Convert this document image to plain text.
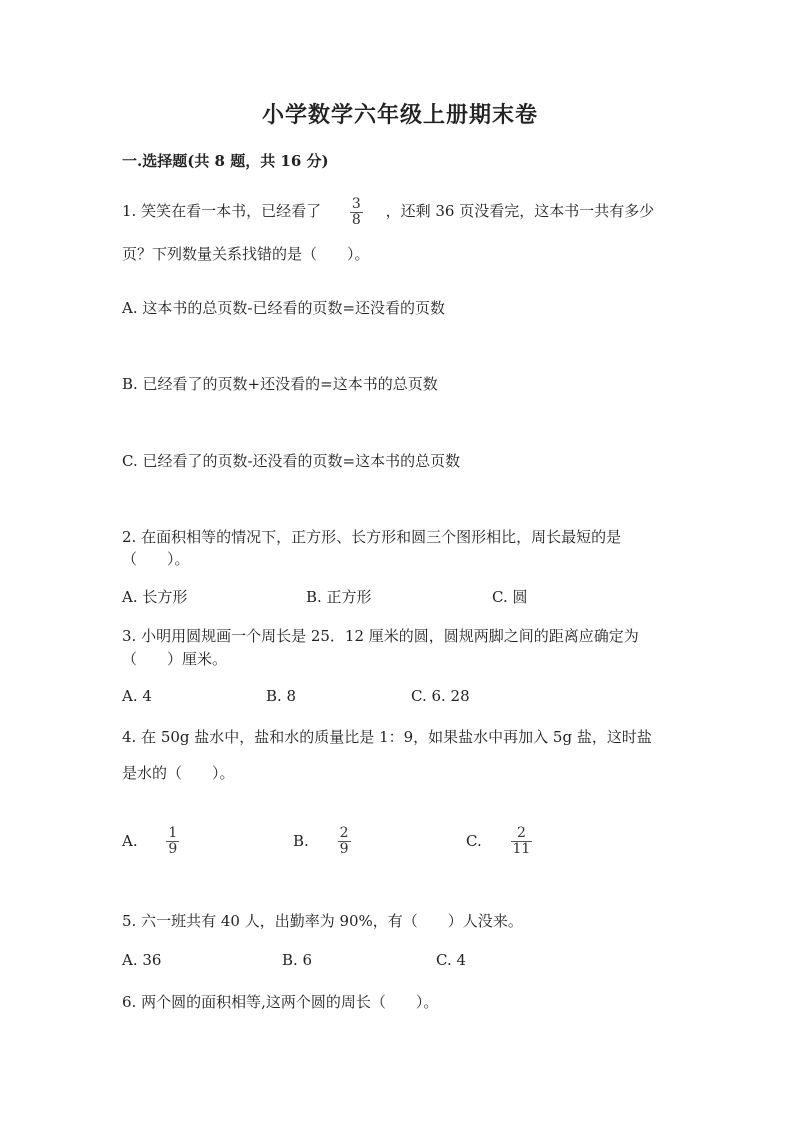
小学数学六年级上册期末卷
一.选择题(共 8 题，共 16 分)
1. 笑笑在看一本书，已经看了 $\frac{3}{8}$ ，还剩 36 页没看完，这本书一共有多少
页？下列数量关系找错的是（　　）。
A. 这本书的总页数-已经看的页数=还没看的页数
B. 已经看了的页数+还没看的=这本书的总页数
C. 已经看了的页数-还没看的页数=这本书的总页数
2. 在面积相等的情况下，正方形、长方形和圆三个图形相比，周长最短的是
（　　）。
A. 长方形	B. 正方形	C. 圆
3. 小明用圆规画一个周长是 25．12 厘米的圆，圆规两脚之间的距离应确定为
（　　）厘米。
A. 4	B. 8	C. 6. 28
4. 在 50g 盐水中，盐和水的质量比是 1：9，如果盐水中再加入 5g 盐，这时盐
是水的（　　）。
A. $\frac{1}{9}$	B. $\frac{2}{9}$	C. $\frac{2}{11}$
5. 六一班共有 40 人，出勤率为 90%，有（　　）人没来。
A. 36	B. 6	C. 4
6. 两个圆的面积相等,这两个圆的周长（　　）。
